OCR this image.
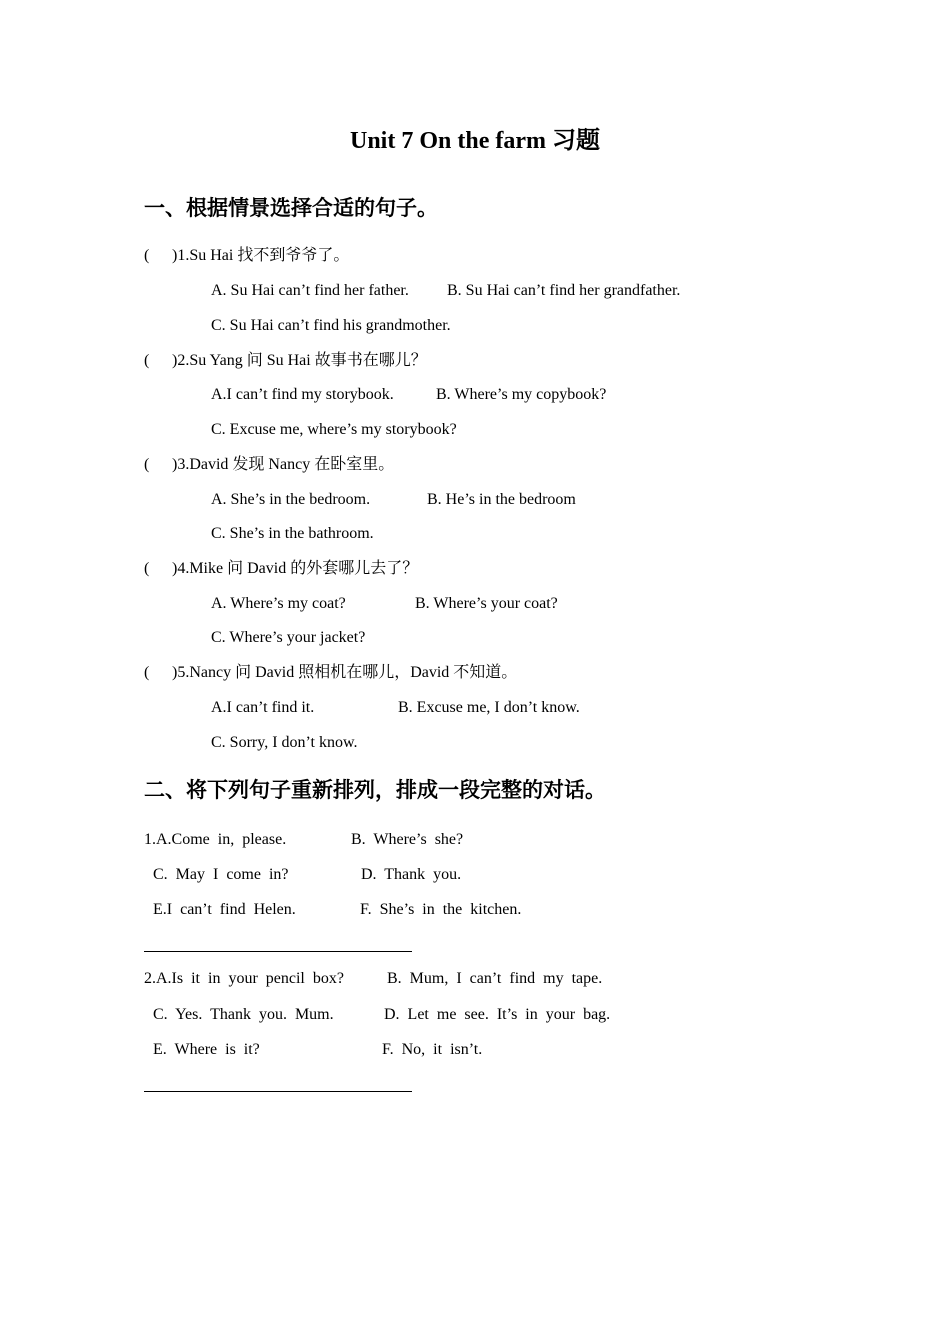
Unit 7 On the farm 习题
一、根据情景选择合适的句子。
( )1.Su Hai 找不到爷爷了。
A. Su Hai can’t find her father. B. Su Hai can’t find her grandfather.
C. Su Hai can’t find his grandmother.
( )2.Su Yang 问 Su Hai 故事书在哪儿？
A.I can’t find my storybook.	B. Where’s my copybook?
C. Excuse me, where’s my storybook?
( )3.David 发现 Nancy 在卧室里。
A. She’s in the bedroom.	B. He’s in the bedroom
C. She’s in the bathroom.
( )4.Mike 问 David 的外套哪儿去了？
A. Where’s my coat?	B. Where’s your coat?
C. Where’s your jacket?
( )5.Nancy 问 David 照相机在哪儿，David 不知道。
A.I can’t find it.	B. Excuse me, I don’t know.
C. Sorry, I don’t know.
二、将下列句子重新排列，排成一段完整的对话。
1.A.Come  in,  please.	B.  Where’s  she?
C.  May  I  come  in?	D.  Thank  you.
E.I  can’t  find  Helen.	F.  She’s  in  the  kitchen.
2.A.Is  it  in  your  pencil  box?	B.  Mum,  I  can’t  find  my  tape.
C.  Yes.  Thank  you.  Mum.	D.  Let  me  see.  It’s  in  your  bag.
E.  Where  is  it?	F.  No,  it  isn’t.
